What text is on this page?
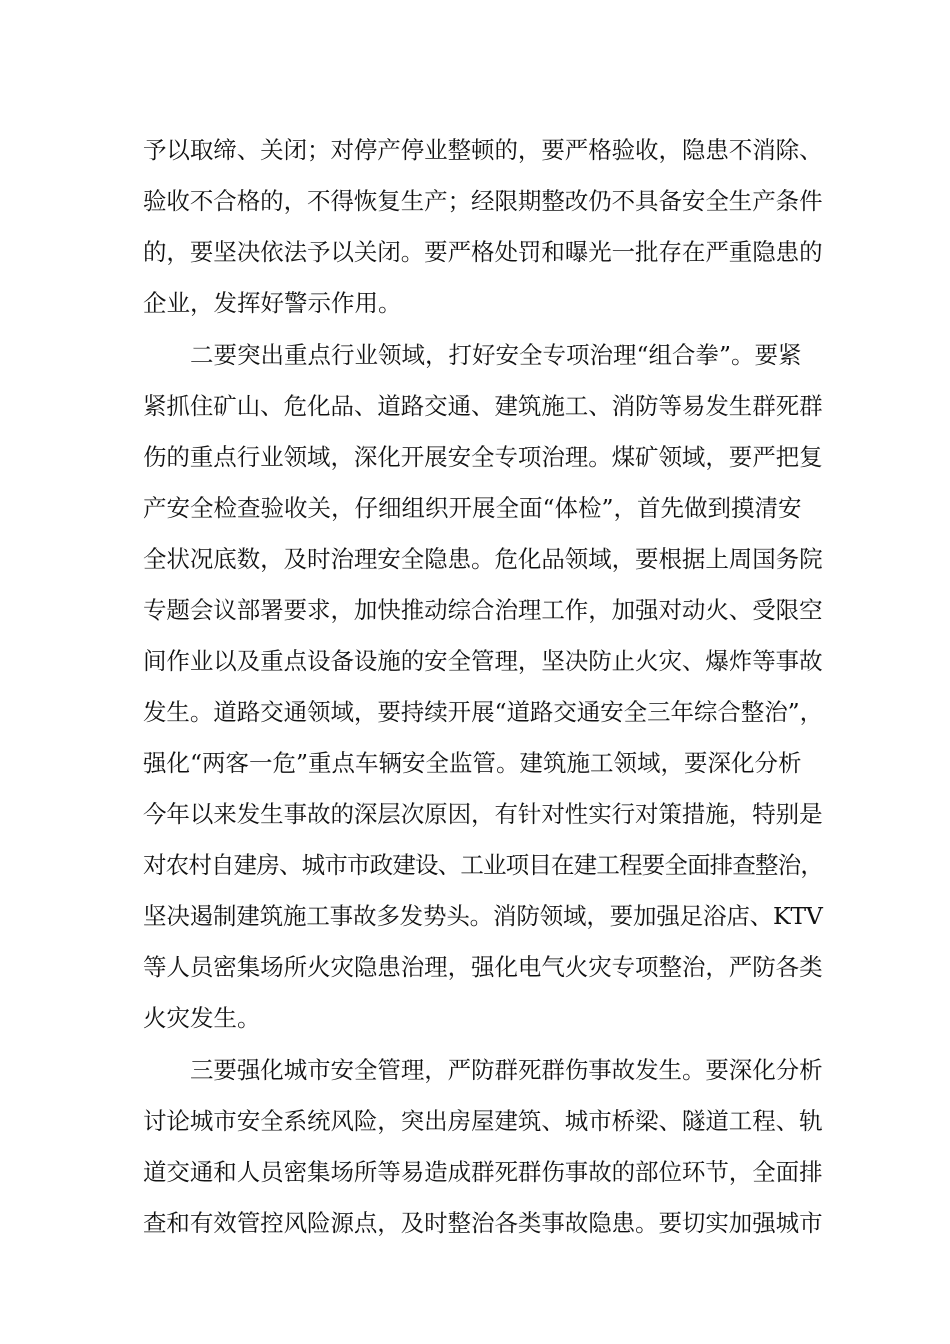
予以取缔、关闭；对停产停业整顿的，要严格验收，隐患不消除、
验收不合格的，不得恢复生产；经限期整改仍不具备安全生产条件
的，要坚决依法予以关闭。要严格处罚和曝光一批存在严重隐患的
企业，发挥好警示作用。
二要突出重点行业领域，打好安全专项治理“组合拳”。要紧
紧抓住矿山、危化品、道路交通、建筑施工、消防等易发生群死群
伤的重点行业领域，深化开展安全专项治理。煤矿领域，要严把复
产安全检查验收关，仔细组织开展全面“体检”，首先做到摸清安
全状况底数，及时治理安全隐患。危化品领域，要根据上周国务院
专题会议部署要求，加快推动综合治理工作，加强对动火、受限空
间作业以及重点设备设施的安全管理，坚决防止火灾、爆炸等事故
发生。道路交通领域，要持续开展“道路交通安全三年综合整治”，
强化“两客一危”重点车辆安全监管。建筑施工领域，要深化分析
今年以来发生事故的深层次原因，有针对性实行对策措施，特别是
对农村自建房、城市市政建设、工业项目在建工程要全面排查整治，
坚决遏制建筑施工事故多发势头。消防领域，要加强足浴店、KTV
等人员密集场所火灾隐患治理，强化电气火灾专项整治，严防各类
火灾发生。
三要强化城市安全管理，严防群死群伤事故发生。要深化分析
讨论城市安全系统风险，突出房屋建筑、城市桥梁、隧道工程、轨
道交通和人员密集场所等易造成群死群伤事故的部位环节，全面排
查和有效管控风险源点，及时整治各类事故隐患。要切实加强城市
